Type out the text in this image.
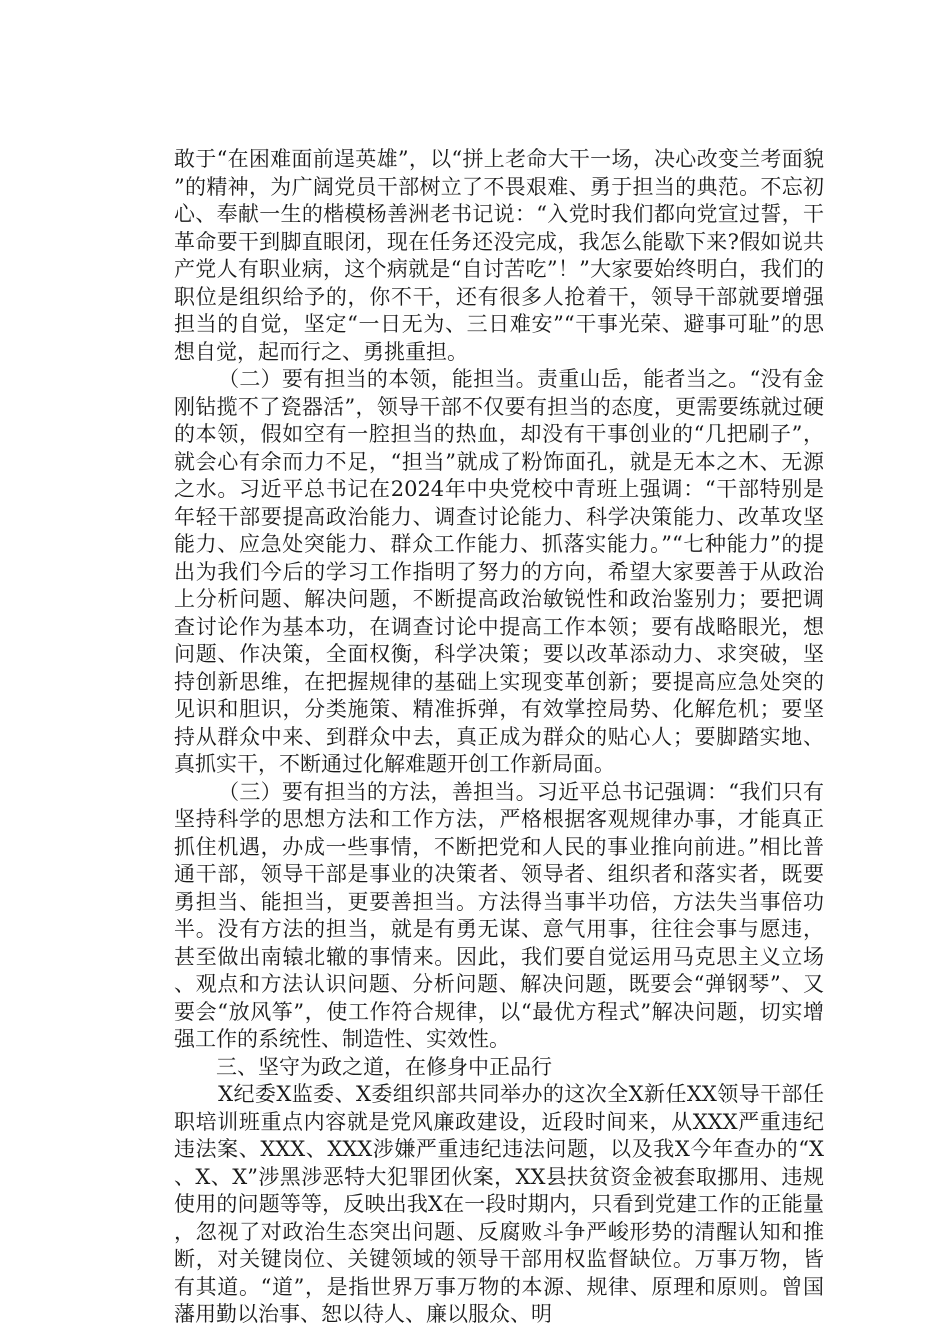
敢于“在困难面前逞英雄”，以“拼上老命大干一场，决心改变兰考面貌”的精神，为广阔党员干部树立了不畏艰难、勇于担当的典范。不忘初心、奉献一生的楷模杨善洲老书记说：“入党时我们都向党宣过誓，干革命要干到脚直眼闭，现在任务还没完成，我怎么能歇下来?假如说共产党人有职业病，这个病就是“自讨苦吃”！”大家要始终明白，我们的职位是组织给予的，你不干，还有很多人抢着干，领导干部就要增强担当的自觉，坚定“一日无为、三日难安”“干事光荣、避事可耻”的思想自觉，起而行之、勇挑重担。

（二）要有担当的本领，能担当。责重山岳，能者当之。“没有金刚钻揽不了瓷器活”，领导干部不仅要有担当的态度，更需要练就过硬的本领，假如空有一腔担当的热血，却没有干事创业的“几把刷子”，就会心有余而力不足，“担当”就成了粉饰面孔，就是无本之木、无源之水。习近平总书记在2024年中央党校中青班上强调：“干部特别是年轻干部要提高政治能力、调查讨论能力、科学决策能力、改革攻坚能力、应急处突能力、群众工作能力、抓落实能力。”“七种能力”的提出为我们今后的学习工作指明了努力的方向，希望大家要善于从政治上分析问题、解决问题，不断提高政治敏锐性和政治鉴别力；要把调查讨论作为基本功，在调查讨论中提高工作本领；要有战略眼光，想问题、作决策，全面权衡，科学决策；要以改革添动力、求突破，坚持创新思维，在把握规律的基础上实现变革创新；要提高应急处突的见识和胆识，分类施策、精准拆弹，有效掌控局势、化解危机；要坚持从群众中来、到群众中去，真正成为群众的贴心人；要脚踏实地、真抓实干，不断通过化解难题开创工作新局面。

（三）要有担当的方法，善担当。习近平总书记强调：“我们只有坚持科学的思想方法和工作方法，严格根据客观规律办事，才能真正抓住机遇，办成一些事情，不断把党和人民的事业推向前进。”相比普通干部，领导干部是事业的决策者、领导者、组织者和落实者，既要勇担当、能担当，更要善担当。方法得当事半功倍，方法失当事倍功半。没有方法的担当，就是有勇无谋、意气用事，往往会事与愿违，甚至做出南辕北辙的事情来。因此，我们要自觉运用马克思主义立场、观点和方法认识问题、分析问题、解决问题，既要会“弹钢琴”、又要会“放风筝”，使工作符合规律，以“最优方程式”解决问题，切实增强工作的系统性、制造性、实效性。

三、坚守为政之道，在修身中正品行

X纪委X监委、X委组织部共同举办的这次全X新任XX领导干部任职培训班重点内容就是党风廉政建设，近段时间来，从XXX严重违纪违法案、XXX、XXX涉嫌严重违纪违法问题，以及我X今年查办的“X、X、X”涉黑涉恶特大犯罪团伙案，XX县扶贫资金被套取挪用、违规使用的问题等等，反映出我X在一段时期内，只看到党建工作的正能量，忽视了对政治生态突出问题、反腐败斗争严峻形势的清醒认知和推断，对关键岗位、关键领域的领导干部用权监督缺位。万事万物，皆有其道。“道”，是指世界万事万物的本源、规律、原理和原则。曾国藩用勤以治事、恕以待人、廉以服众、明
